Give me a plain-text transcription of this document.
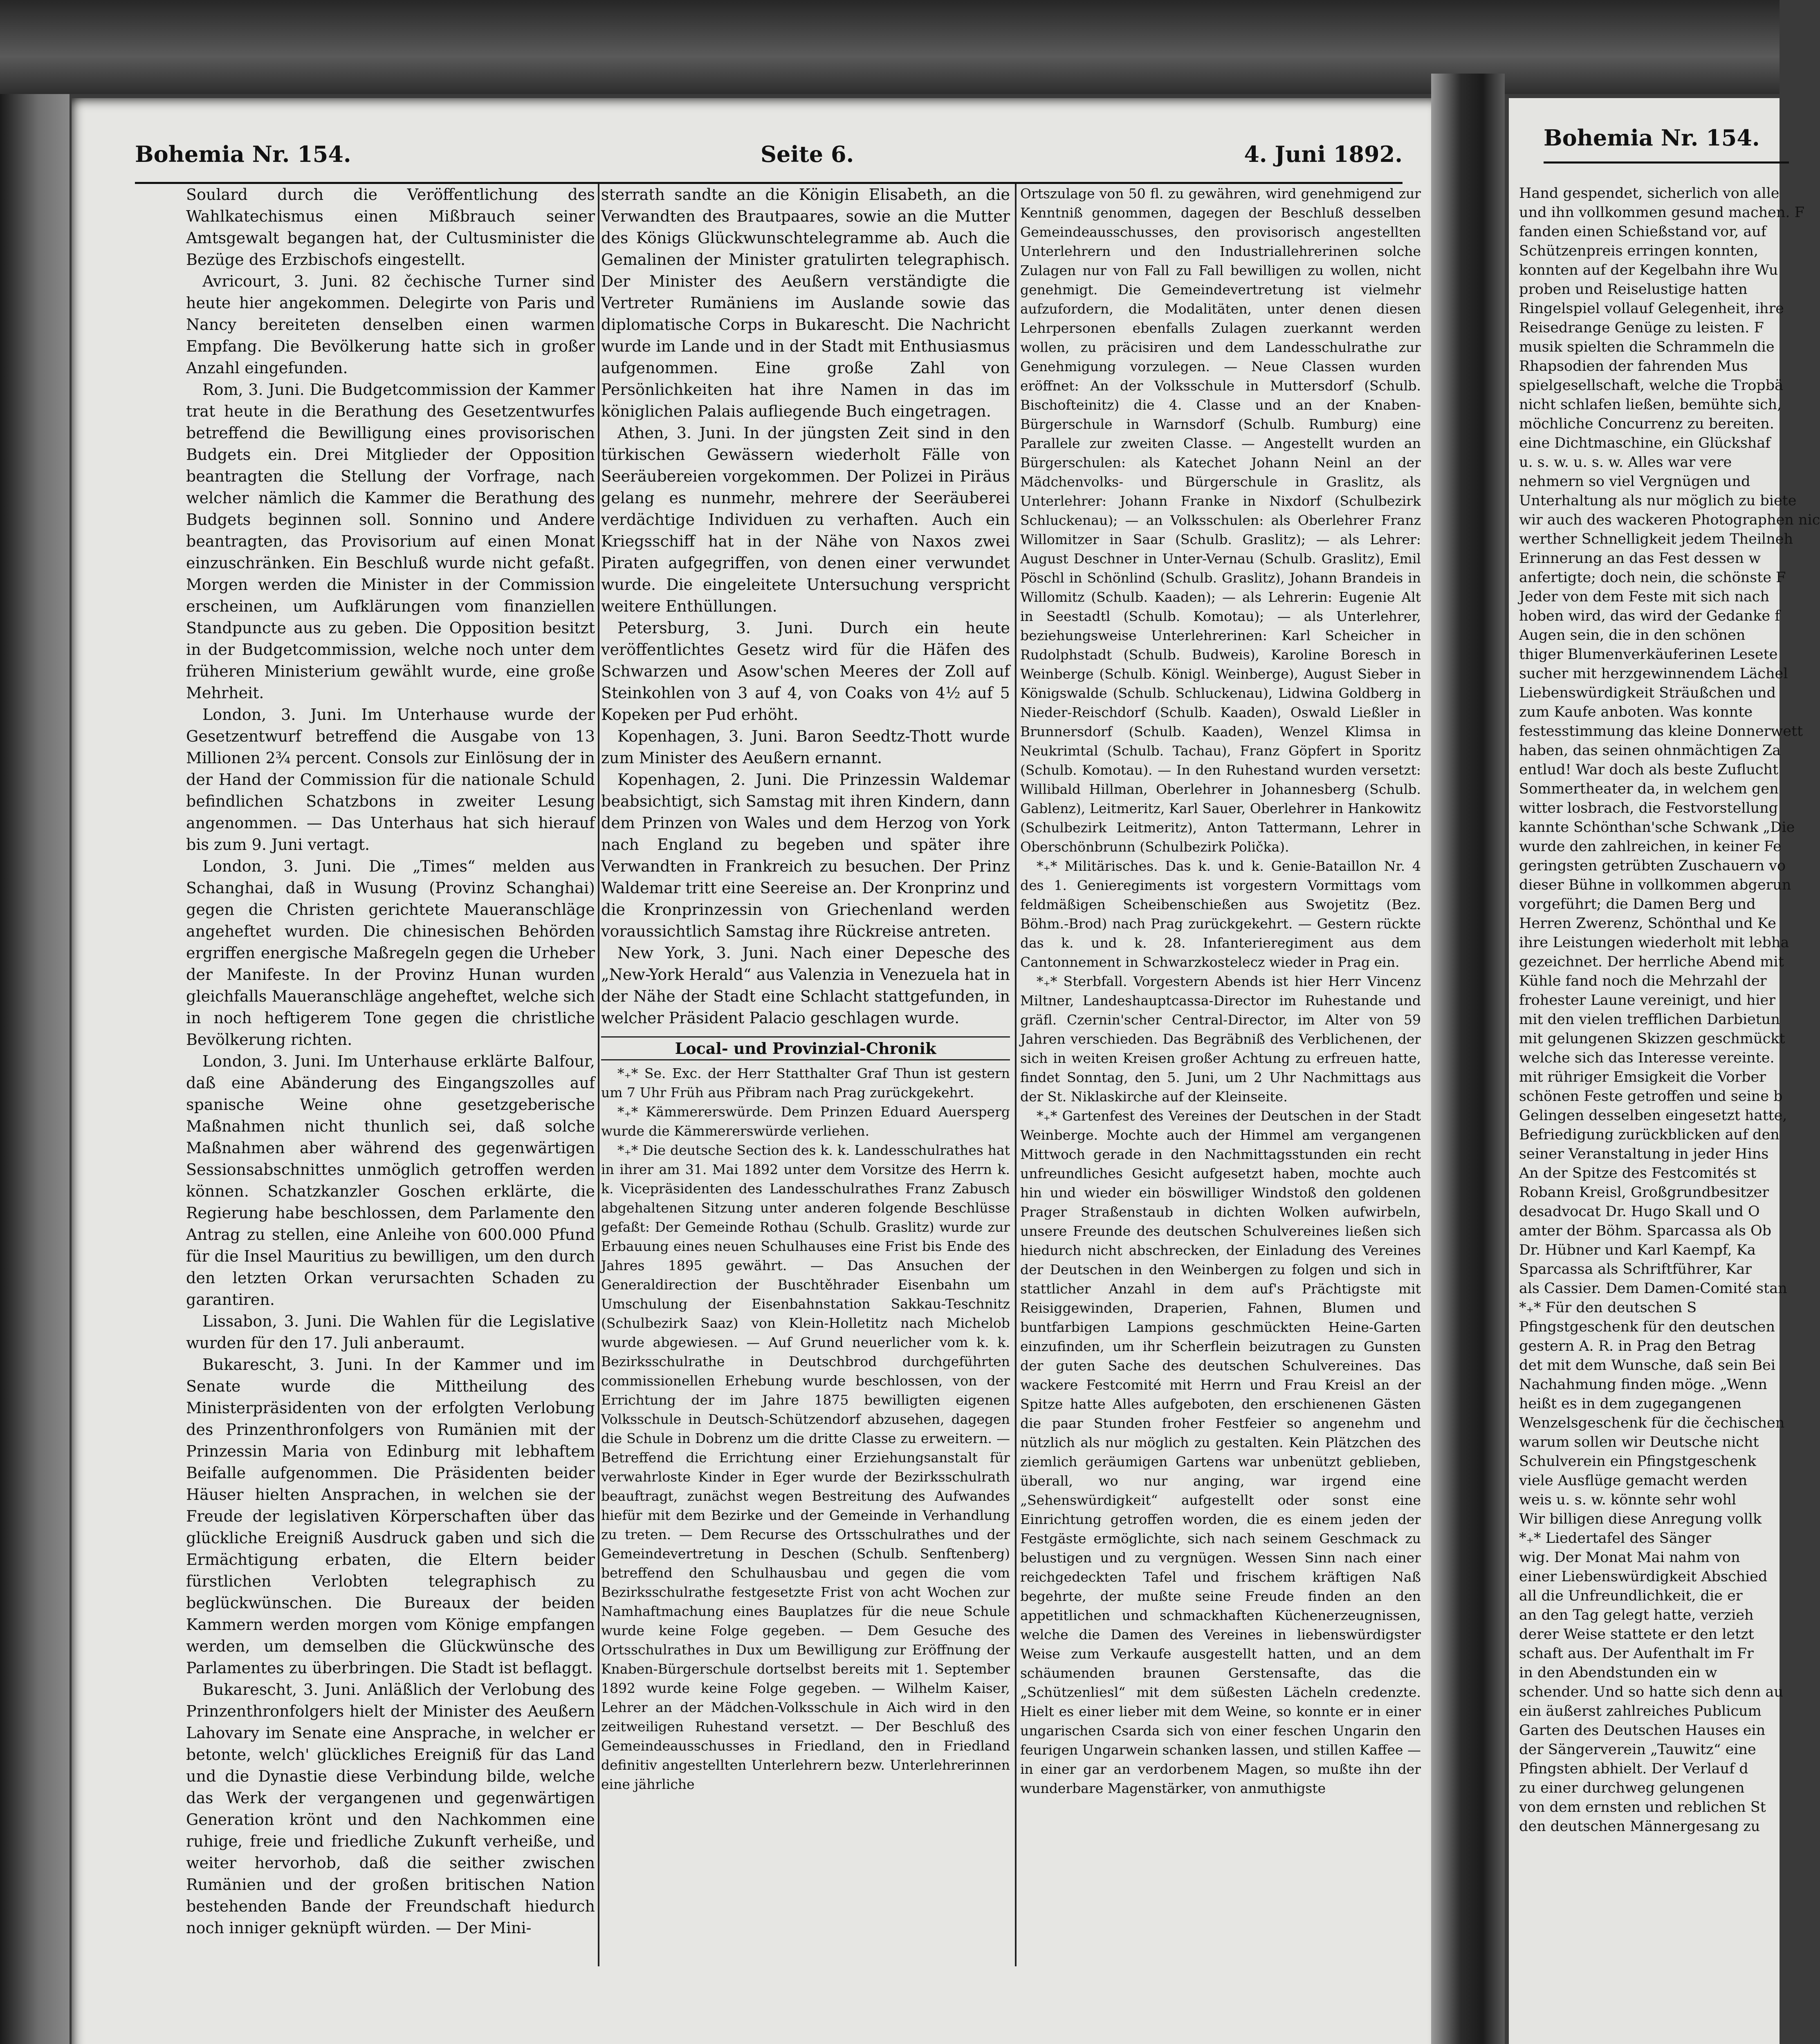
Bohemia Nr. 154.	Seite 6.	4. Juni 1892.
Bohemia Nr. 154.

Soulard durch die Veröffentlichung des Wahlkatechismus einen Mißbrauch seiner Amtsgewalt begangen hat, der Cultusminister die Bezüge des Erzbischofs eingestellt.

Avricourt, 3. Juni. 82 čechische Turner sind heute hier angekommen. Delegirte von Paris und Nancy bereiteten denselben einen warmen Empfang. Die Bevölkerung hatte sich in großer Anzahl eingefunden.

Rom, 3. Juni. Die Budgetcommission der Kammer trat heute in die Berathung des Gesetzentwurfes betreffend die Bewilligung eines provisorischen Budgets ein. Drei Mitglieder der Opposition beantragten die Stellung der Vorfrage, nach welcher nämlich die Kammer die Berathung des Budgets beginnen soll. Sonnino und Andere beantragten, das Provisorium auf einen Monat einzuschränken. Ein Beschluß wurde nicht gefaßt. Morgen werden die Minister in der Commission erscheinen, um Aufklärungen vom finanziellen Standpuncte aus zu geben. Die Opposition besitzt in der Budgetcommission, welche noch unter dem früheren Ministerium gewählt wurde, eine große Mehrheit.

London, 3. Juni. Im Unterhause wurde der Gesetzentwurf betreffend die Ausgabe von 13 Millionen 2¾ percent. Consols zur Einlösung der in der Hand der Commission für die nationale Schuld befindlichen Schatzbons in zweiter Lesung angenommen. — Das Unterhaus hat sich hierauf bis zum 9. Juni vertagt.

London, 3. Juni. Die „Times“ melden aus Schanghai, daß in Wusung (Provinz Schanghai) gegen die Christen gerichtete Maueranschläge angeheftet wurden. Die chinesischen Behörden ergriffen energische Maßregeln gegen die Urheber der Manifeste. In der Provinz Hunan wurden gleichfalls Maueranschläge angeheftet, welche sich in noch heftigerem Tone gegen die christliche Bevölkerung richten.

London, 3. Juni. Im Unterhause erklärte Balfour, daß eine Abänderung des Eingangszolles auf spanische Weine ohne gesetzgeberische Maßnahmen nicht thunlich sei, daß solche Maßnahmen aber während des gegenwärtigen Sessionsabschnittes unmöglich getroffen werden können. Schatzkanzler Goschen erklärte, die Regierung habe beschlossen, dem Parlamente den Antrag zu stellen, eine Anleihe von 600.000 Pfund für die Insel Mauritius zu bewilligen, um den durch den letzten Orkan verursachten Schaden zu garantiren.

Lissabon, 3. Juni. Die Wahlen für die Legislative wurden für den 17. Juli anberaumt.

Bukarescht, 3. Juni. In der Kammer und im Senate wurde die Mittheilung des Ministerpräsidenten von der erfolgten Verlobung des Prinzenthronfolgers von Rumänien mit der Prinzessin Maria von Edinburg mit lebhaftem Beifalle aufgenommen. Die Präsidenten beider Häuser hielten Ansprachen, in welchen sie der Freude der legislativen Körperschaften über das glückliche Ereigniß Ausdruck gaben und sich die Ermächtigung erbaten, die Eltern beider fürstlichen Verlobten telegraphisch zu beglückwünschen. Die Bureaux der beiden Kammern werden morgen vom Könige empfangen werden, um demselben die Glückwünsche des Parlamentes zu überbringen. Die Stadt ist beflaggt.

Bukarescht, 3. Juni. Anläßlich der Verlobung des Prinzenthronfolgers hielt der Minister des Aeußern Lahovary im Senate eine Ansprache, in welcher er betonte, welch' glückliches Ereigniß für das Land und die Dynastie diese Verbindung bilde, welche das Werk der vergangenen und gegenwärtigen Generation krönt und den Nachkommen eine ruhige, freie und friedliche Zukunft verheiße, und weiter hervorhob, daß die seither zwischen Rumänien und der großen britischen Nation bestehenden Bande der Freundschaft hiedurch noch inniger geknüpft würden. — Der Mini-

sterrath sandte an die Königin Elisabeth, an die Verwandten des Brautpaares, sowie an die Mutter des Königs Glückwunschtelegramme ab. Auch die Gemalinen der Minister gratulirten telegraphisch. Der Minister des Aeußern verständigte die Vertreter Rumäniens im Auslande sowie das diplomatische Corps in Bukarescht. Die Nachricht wurde im Lande und in der Stadt mit Enthusiasmus aufgenommen. Eine große Zahl von Persönlichkeiten hat ihre Namen in das im königlichen Palais aufliegende Buch eingetragen.

Athen, 3. Juni. In der jüngsten Zeit sind in den türkischen Gewässern wiederholt Fälle von Seeräubereien vorgekommen. Der Polizei in Piräus gelang es nunmehr, mehrere der Seeräuberei verdächtige Individuen zu verhaften. Auch ein Kriegsschiff hat in der Nähe von Naxos zwei Piraten aufgegriffen, von denen einer verwundet wurde. Die eingeleitete Untersuchung verspricht weitere Enthüllungen.

Petersburg, 3. Juni. Durch ein heute veröffentlichtes Gesetz wird für die Häfen des Schwarzen und Asow'schen Meeres der Zoll auf Steinkohlen von 3 auf 4, von Coaks von 4½ auf 5 Kopeken per Pud erhöht.

Kopenhagen, 3. Juni. Baron Seedtz-Thott wurde zum Minister des Aeußern ernannt.

Kopenhagen, 2. Juni. Die Prinzessin Waldemar beabsichtigt, sich Samstag mit ihren Kindern, dann dem Prinzen von Wales und dem Herzog von York nach England zu begeben und später ihre Verwandten in Frankreich zu besuchen. Der Prinz Waldemar tritt eine Seereise an. Der Kronprinz und die Kronprinzessin von Griechenland werden voraussichtlich Samstag ihre Rückreise antreten.

New York, 3. Juni. Nach einer Depesche des „New-York Herald“ aus Valenzia in Venezuela hat in der Nähe der Stadt eine Schlacht stattgefunden, in welcher Präsident Palacio geschlagen wurde.

Local- und Provinzial-Chronik

*₊* Se. Exc. der Herr Statthalter Graf Thun ist gestern um 7 Uhr Früh aus Přibram nach Prag zurückgekehrt.

*₊* Kämmererswürde. Dem Prinzen Eduard Auersperg wurde die Kämmererswürde verliehen.

*₊* Die deutsche Section des k. k. Landesschulrathes hat in ihrer am 31. Mai 1892 unter dem Vorsitze des Herrn k. k. Vicepräsidenten des Landesschulrathes Franz Zabusch abgehaltenen Sitzung unter anderen folgende Beschlüsse gefaßt: Der Gemeinde Rothau (Schulb. Graslitz) wurde zur Erbauung eines neuen Schulhauses eine Frist bis Ende des Jahres 1895 gewährt. — Das Ansuchen der Generaldirection der Buschtěhrader Eisenbahn um Umschulung der Eisenbahnstation Sakkau-Teschnitz (Schulbezirk Saaz) von Klein-Holletitz nach Michelob wurde abgewiesen. — Auf Grund neuerlicher vom k. k. Bezirksschulrathe in Deutschbrod durchgeführten commissionellen Erhebung wurde beschlossen, von der Errichtung der im Jahre 1875 bewilligten eigenen Volksschule in Deutsch-Schützendorf abzusehen, dagegen die Schule in Dobrenz um die dritte Classe zu erweitern. — Betreffend die Errichtung einer Erziehungsanstalt für verwahrloste Kinder in Eger wurde der Bezirksschulrath beauftragt, zunächst wegen Bestreitung des Aufwandes hiefür mit dem Bezirke und der Gemeinde in Verhandlung zu treten. — Dem Recurse des Ortsschulrathes und der Gemeindevertretung in Deschen (Schulb. Senftenberg) betreffend den Schulhausbau und gegen die vom Bezirksschulrathe festgesetzte Frist von acht Wochen zur Namhaftmachung eines Bauplatzes für die neue Schule wurde keine Folge gegeben. — Dem Gesuche des Ortsschulrathes in Dux um Bewilligung zur Eröffnung der Knaben-Bürgerschule dortselbst bereits mit 1. September 1892 wurde keine Folge gegeben. — Wilhelm Kaiser, Lehrer an der Mädchen-Volksschule in Aich wird in den zeitweiligen Ruhestand versetzt. — Der Beschluß des Gemeindeausschusses in Friedland, den in Friedland definitiv angestellten Unterlehrern bezw. Unterlehrerinnen eine jährliche

Ortszulage von 50 fl. zu gewähren, wird genehmigend zur Kenntniß genommen, dagegen der Beschluß desselben Gemeindeausschusses, den provisorisch angestellten Unterlehrern und den Industriallehrerinen solche Zulagen nur von Fall zu Fall bewilligen zu wollen, nicht genehmigt. Die Gemeindevertretung ist vielmehr aufzufordern, die Modalitäten, unter denen diesen Lehrpersonen ebenfalls Zulagen zuerkannt werden wollen, zu präcisiren und dem Landesschulrathe zur Genehmigung vorzulegen. — Neue Classen wurden eröffnet: An der Volksschule in Muttersdorf (Schulb. Bischofteinitz) die 4. Classe und an der Knaben-Bürgerschule in Warnsdorf (Schulb. Rumburg) eine Parallele zur zweiten Classe. — Angestellt wurden an Bürgerschulen: als Katechet Johann Neinl an der Mädchenvolks- und Bürgerschule in Graslitz, als Unterlehrer: Johann Franke in Nixdorf (Schulbezirk Schluckenau); — an Volksschulen: als Oberlehrer Franz Willomitzer in Saar (Schulb. Graslitz); — als Lehrer: August Deschner in Unter-Vernau (Schulb. Graslitz), Emil Pöschl in Schönlind (Schulb. Graslitz), Johann Brandeis in Willomitz (Schulb. Kaaden); — als Lehrerin: Eugenie Alt in Seestadtl (Schulb. Komotau); — als Unterlehrer, beziehungsweise Unterlehrerinen: Karl Scheicher in Rudolphstadt (Schulb. Budweis), Karoline Boresch in Weinberge (Schulb. Königl. Weinberge), August Sieber in Königswalde (Schulb. Schluckenau), Lidwina Goldberg in Nieder-Reischdorf (Schulb. Kaaden), Oswald Ließler in Brunnersdorf (Schulb. Kaaden), Wenzel Klimsa in Neukrimtal (Schulb. Tachau), Franz Göpfert in Sporitz (Schulb. Komotau). — In den Ruhestand wurden versetzt: Willibald Hillman, Oberlehrer in Johannesberg (Schulb. Gablenz), Leitmeritz, Karl Sauer, Oberlehrer in Hankowitz (Schulbezirk Leitmeritz), Anton Tattermann, Lehrer in Oberschönbrunn (Schulbezirk Polička).

*₊* Militärisches. Das k. und k. Genie-Bataillon Nr. 4 des 1. Genieregiments ist vorgestern Vormittags vom feldmäßigen Scheibenschießen aus Swojetitz (Bez. Böhm.-Brod) nach Prag zurückgekehrt. — Gestern rückte das k. und k. 28. Infanterieregiment aus dem Cantonnement in Schwarzkostelecz wieder in Prag ein.

*₊* Sterbfall. Vorgestern Abends ist hier Herr Vincenz Miltner, Landeshauptcassa-Director im Ruhestande und gräfl. Czernin'scher Central-Director, im Alter von 59 Jahren verschieden. Das Begräbniß des Verblichenen, der sich in weiten Kreisen großer Achtung zu erfreuen hatte, findet Sonntag, den 5. Juni, um 2 Uhr Nachmittags aus der St. Niklaskirche auf der Kleinseite.

*₊* Gartenfest des Vereines der Deutschen in der Stadt Weinberge. Mochte auch der Himmel am vergangenen Mittwoch gerade in den Nachmittagsstunden ein recht unfreundliches Gesicht aufgesetzt haben, mochte auch hin und wieder ein böswilliger Windstoß den goldenen Prager Straßenstaub in dichten Wolken aufwirbeln, unsere Freunde des deutschen Schulvereines ließen sich hiedurch nicht abschrecken, der Einladung des Vereines der Deutschen in den Weinbergen zu folgen und sich in stattlicher Anzahl in dem auf's Prächtigste mit Reisiggewinden, Draperien, Fahnen, Blumen und buntfarbigen Lampions geschmückten Heine-Garten einzufinden, um ihr Scherflein beizutragen zu Gunsten der guten Sache des deutschen Schulvereines. Das wackere Festcomité mit Herrn und Frau Kreisl an der Spitze hatte Alles aufgeboten, den erschienenen Gästen die paar Stunden froher Festfeier so angenehm und nützlich als nur möglich zu gestalten. Kein Plätzchen des ziemlich geräumigen Gartens war unbenützt geblieben, überall, wo nur anging, war irgend eine „Sehenswürdigkeit“ aufgestellt oder sonst eine Einrichtung getroffen worden, die es einem jeden der Festgäste ermöglichte, sich nach seinem Geschmack zu belustigen und zu vergnügen. Wessen Sinn nach einer reichgedeckten Tafel und frischem kräftigen Naß begehrte, der mußte seine Freude finden an den appetitlichen und schmackhaften Küchenerzeugnissen, welche die Damen des Vereines in liebenswürdigster Weise zum Verkaufe ausgestellt hatten, und an dem schäumenden braunen Gerstensafte, das die „Schützenliesl“ mit dem süßesten Lächeln credenzte. Hielt es einer lieber mit dem Weine, so konnte er in einer ungarischen Csarda sich von einer feschen Ungarin den feurigen Ungarwein schanken lassen, und stillen Kaffee — in einer gar an verdorbenem Magen, so mußte ihn der wunderbare Magenstärker, von anmuthigste

Hand gespendet, sicherlich von alle
und ihn vollkommen gesund machen. F
fanden einen Schießstand vor, auf
Schützenpreis erringen konnten,
konnten auf der Kegelbahn ihre Wu
proben und Reiselustige hatten
Ringelspiel vollauf Gelegenheit, ihre
Reisedrange Genüge zu leisten. F
musik spielten die Schrammeln die
Rhapsodien der fahrenden Mus
spielgesellschaft, welche die Tropbä
nicht schlafen ließen, bemühte sich,
möchliche Concurrenz zu bereiten.
eine Dichtmaschine, ein Glückshaf
u. s. w. u. s. w. Alles war vere
nehmern so viel Vergnügen und
Unterhaltung als nur möglich zu biete
wir auch des wackeren Photographen nic
werther Schnelligkeit jedem Theilneh
Erinnerung an das Fest dessen w
anfertigte; doch nein, die schönste F
Jeder von dem Feste mit sich nach
hoben wird, das wird der Gedanke f
Augen sein, die in den schönen
thiger Blumenverkäuferinen Lesete
sucher mit herzgewinnendem Lächel
Liebenswürdigkeit Sträußchen und
zum Kaufe anboten. Was konnte
festesstimmung das kleine Donnerwett
haben, das seinen ohnmächtigen Za
entlud! War doch als beste Zuflucht
Sommertheater da, in welchem gen
witter losbrach, die Festvorstellung
kannte Schönthan'sche Schwank „Die
wurde den zahlreichen, in keiner Fe
geringsten getrübten Zuschauern vo
dieser Bühne in vollkommen abgerun
vorgeführt; die Damen Berg und
Herren Zwerenz, Schönthal und Ke
ihre Leistungen wiederholt mit lebha
gezeichnet. Der herrliche Abend mit
Kühle fand noch die Mehrzahl der
frohester Laune vereinigt, und hier
mit den vielen trefflichen Darbietun
mit gelungenen Skizzen geschmückt
welche sich das Interesse vereinte.
mit rühriger Emsigkeit die Vorber
schönen Feste getroffen und seine b
Gelingen desselben eingesetzt hatte,
Befriedigung zurückblicken auf den
seiner Veranstaltung in jeder Hins
An der Spitze des Festcomités st
Robann Kreisl, Großgrundbesitzer
desadvocat Dr. Hugo Skall und O
amter der Böhm. Sparcassa als Ob
Dr. Hübner und Karl Kaempf, Ka
Sparcassa als Schriftführer, Kar
als Cassier. Dem Damen-Comité stan
*₊* Für den deutschen S
Pfingstgeschenk für den deutschen
gestern A. R. in Prag den Betrag
det mit dem Wunsche, daß sein Bei
Nachahmung finden möge. „Wenn
heißt es in dem zugegangenen
Wenzelsgeschenk für die čechischen
warum sollen wir Deutsche nicht
Schulverein ein Pfingstgeschenk
viele Ausflüge gemacht werden
weis u. s. w. könnte sehr wohl
Wir billigen diese Anregung vollk
*₊* Liedertafel des Sänger
wig. Der Monat Mai nahm von
einer Liebenswürdigkeit Abschied
all die Unfreundlichkeit, die er
an den Tag gelegt hatte, verzieh
derer Weise stattete er den letzt
schaft aus. Der Aufenthalt im Fr
in den Abendstunden ein w
schender. Und so hatte sich denn au
ein äußerst zahlreiches Publicum
Garten des Deutschen Hauses ein
der Sängerverein „Tauwitz“ eine
Pfingsten abhielt. Der Verlauf d
zu einer durchweg gelungenen
von dem ernsten und reblichen St
den deutschen Männergesang zu
